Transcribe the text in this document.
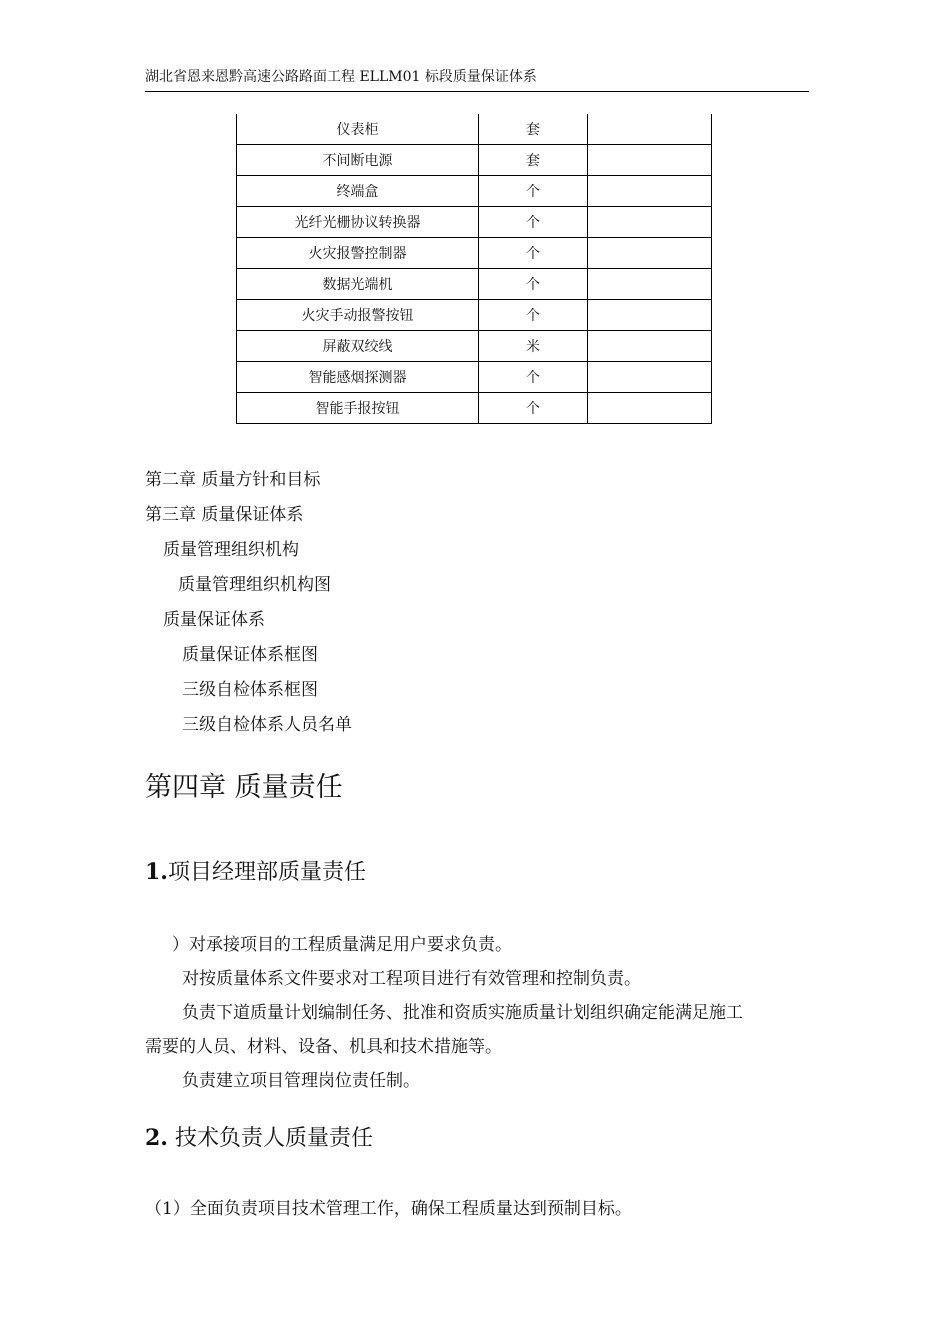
湖北省恩来恩黔高速公路路面工程 ELLM01 标段质量保证体系
仪表柜	套	
不间断电源	套	
终端盒	个	
光纤光栅协议转换器	个	
火灾报警控制器	个	
数据光端机	个	
火灾手动报警按钮	个	
屏蔽双绞线	米	
智能感烟探测器	个	
智能手报按钮	个	
第二章 质量方针和目标
第三章 质量保证体系
质量管理组织机构
质量管理组织机构图
质量保证体系
质量保证体系框图
三级自检体系框图
三级自检体系人员名单
第四章 质量责任
1.项目经理部质量责任
）对承接项目的工程质量满足用户要求负责。
对按质量体系文件要求对工程项目进行有效管理和控制负责。
负责下道质量计划编制任务、批准和资质实施质量计划组织确定能满足施工
需要的人员、材料、设备、机具和技术措施等。
负责建立项目管理岗位责任制。
2. 技术负责人质量责任
（1）全面负责项目技术管理工作，确保工程质量达到预制目标。
